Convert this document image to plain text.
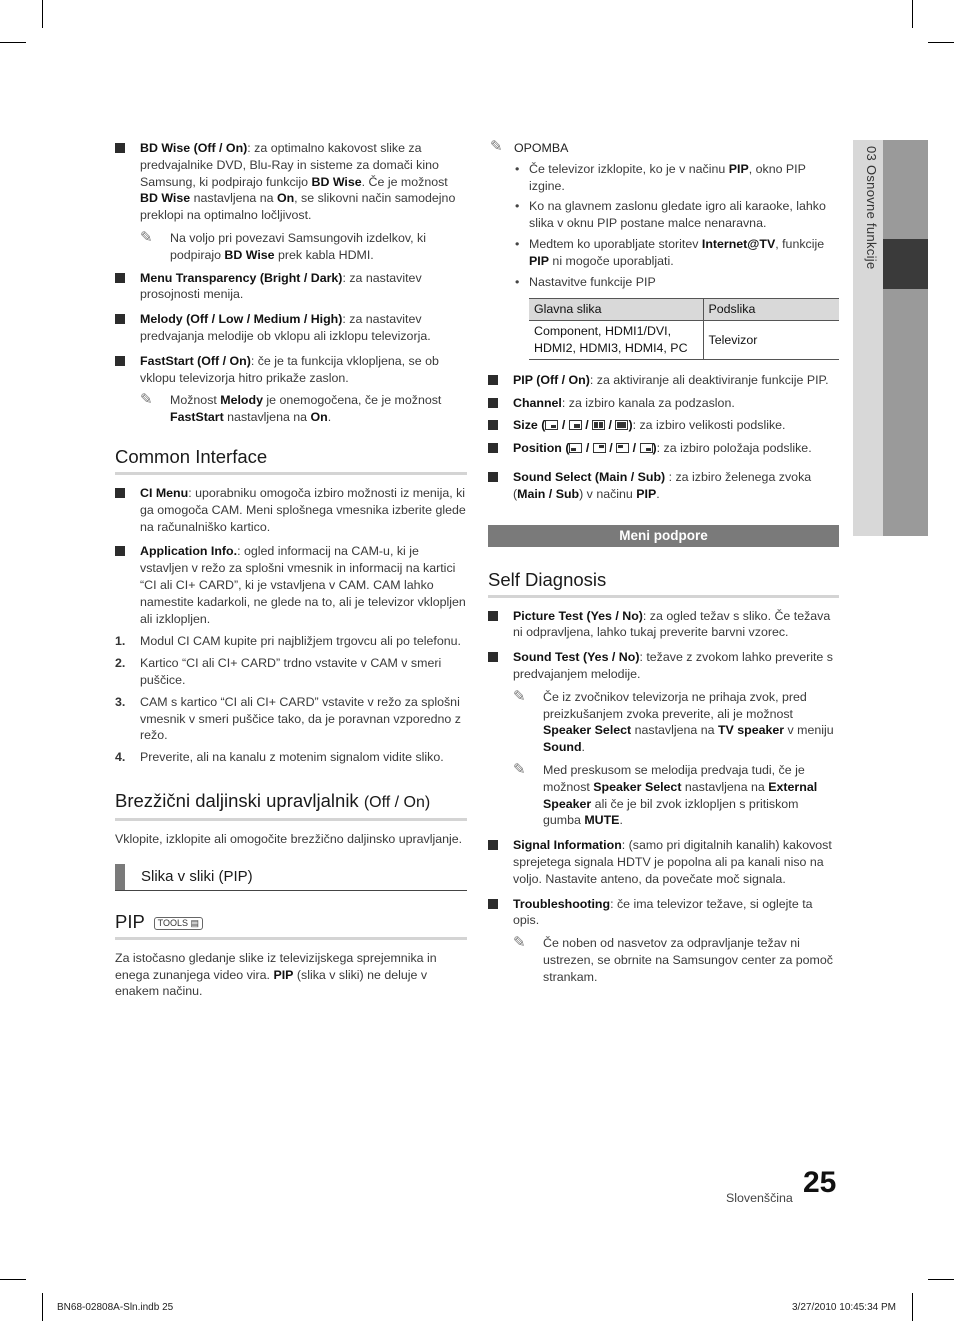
BD Wise (Off / On): za optimalno kakovost slike za predvajalnike DVD, Blu-Ray in sisteme za domači kino Samsung, ki podpirajo funkcijo BD Wise. Če je možnost BD Wise nastavljena na On, se slikovni način samodejno preklopi na optimalno ločljivost.
✎ Na voljo pri povezavi Samsungovih izdelkov, ki podpirajo BD Wise prek kabla HDMI.
Menu Transparency (Bright / Dark): za nastavitev prosojnosti menija.
Melody (Off / Low / Medium / High): za nastavitev predvajanja melodije ob vklopu ali izklopu televizorja.
FastStart (Off / On): če je ta funkcija vklopljena, se ob vklopu televizorja hitro prikaže zaslon.
✎ Možnost Melody je onemogočena, če je možnost FastStart nastavljena na On.
Common Interface
CI Menu: uporabniku omogoča izbiro možnosti iz menija, ki ga omogoča CAM. Meni splošnega vmesnika izberite glede na računalniško kartico.
Application Info.: ogled informacij na CAM-u, ki je vstavljen v režo za splošni vmesnik in informacij na kartici “CI ali CI+ CARD”, ki je vstavljena v CAM. CAM lahko namestite kadarkoli, ne glede na to, ali je televizor vklopljen ali izklopljen.
1. Modul CI CAM kupite pri najbližjem trgovcu ali po telefonu.
2. Kartico “CI ali CI+ CARD” trdno vstavite v CAM v smeri puščice.
3. CAM s kartico “CI ali CI+ CARD” vstavite v režo za splošni vmesnik v smeri puščice tako, da je poravnan vzporedno z režo.
4. Preverite, ali na kanalu z motenim signalom vidite sliko.
Brezžični daljinski upravljalnik (Off / On)
Vklopite, izklopite ali omogočite brezžično daljinsko upravljanje.
Slika v sliki (PIP)
PIP TOOLS ▤
Za istočasno gledanje slike iz televizijskega sprejemnika in enega zunanjega video vira. PIP (slika v sliki) ne deluje v enakem načinu.
✎ OPOMBA
• Če televizor izklopite, ko je v načinu PIP, okno PIP izgine.
• Ko na glavnem zaslonu gledate igro ali karaoke, lahko slika v oknu PIP postane malce nenaravna.
• Medtem ko uporabljate storitev Internet@TV, funkcije PIP ni mogoče uporabljati.
• Nastavitve funkcije PIP
Glavna slika	Podslika
Component, HDMI1/DVI, HDMI2, HDMI3, HDMI4, PC	Televizor
PIP (Off / On): za aktiviranje ali deaktiviranje funkcije PIP.
Channel: za izbiro kanala za podzaslon.
Size ( / / / ): za izbiro velikosti podslike.
Position ( / / / ): za izbiro položaja podslike.
Sound Select (Main / Sub) : za izbiro želenega zvoka (Main / Sub) v načinu PIP.
Meni podpore
Self Diagnosis
Picture Test (Yes / No): za ogled težav s sliko. Če težava ni odpravljena, lahko tukaj preverite barvni vzorec.
Sound Test (Yes / No): težave z zvokom lahko preverite s predvajanjem melodije.
✎ Če iz zvočnikov televizorja ne prihaja zvok, pred preizkušanjem zvoka preverite, ali je možnost Speaker Select nastavljena na TV speaker v meniju Sound.
✎ Med preskusom se melodija predvaja tudi, če je možnost Speaker Select nastavljena na External Speaker ali če je bil zvok izklopljen s pritiskom gumba MUTE.
Signal Information: (samo pri digitalnih kanalih) kakovost sprejetega signala HDTV je popolna ali pa kanali niso na voljo. Nastavite anteno, da povečate moč signala.
Troubleshooting: če ima televizor težave, si oglejte ta opis.
✎ Če noben od nasvetov za odpravljanje težav ni ustrezen, se obrnite na Samsungov center za pomoč strankam.
03 Osnovne funkcije
Slovenščina 25
BN68-02808A-Sln.indb 25	3/27/2010 10:45:34 PM
